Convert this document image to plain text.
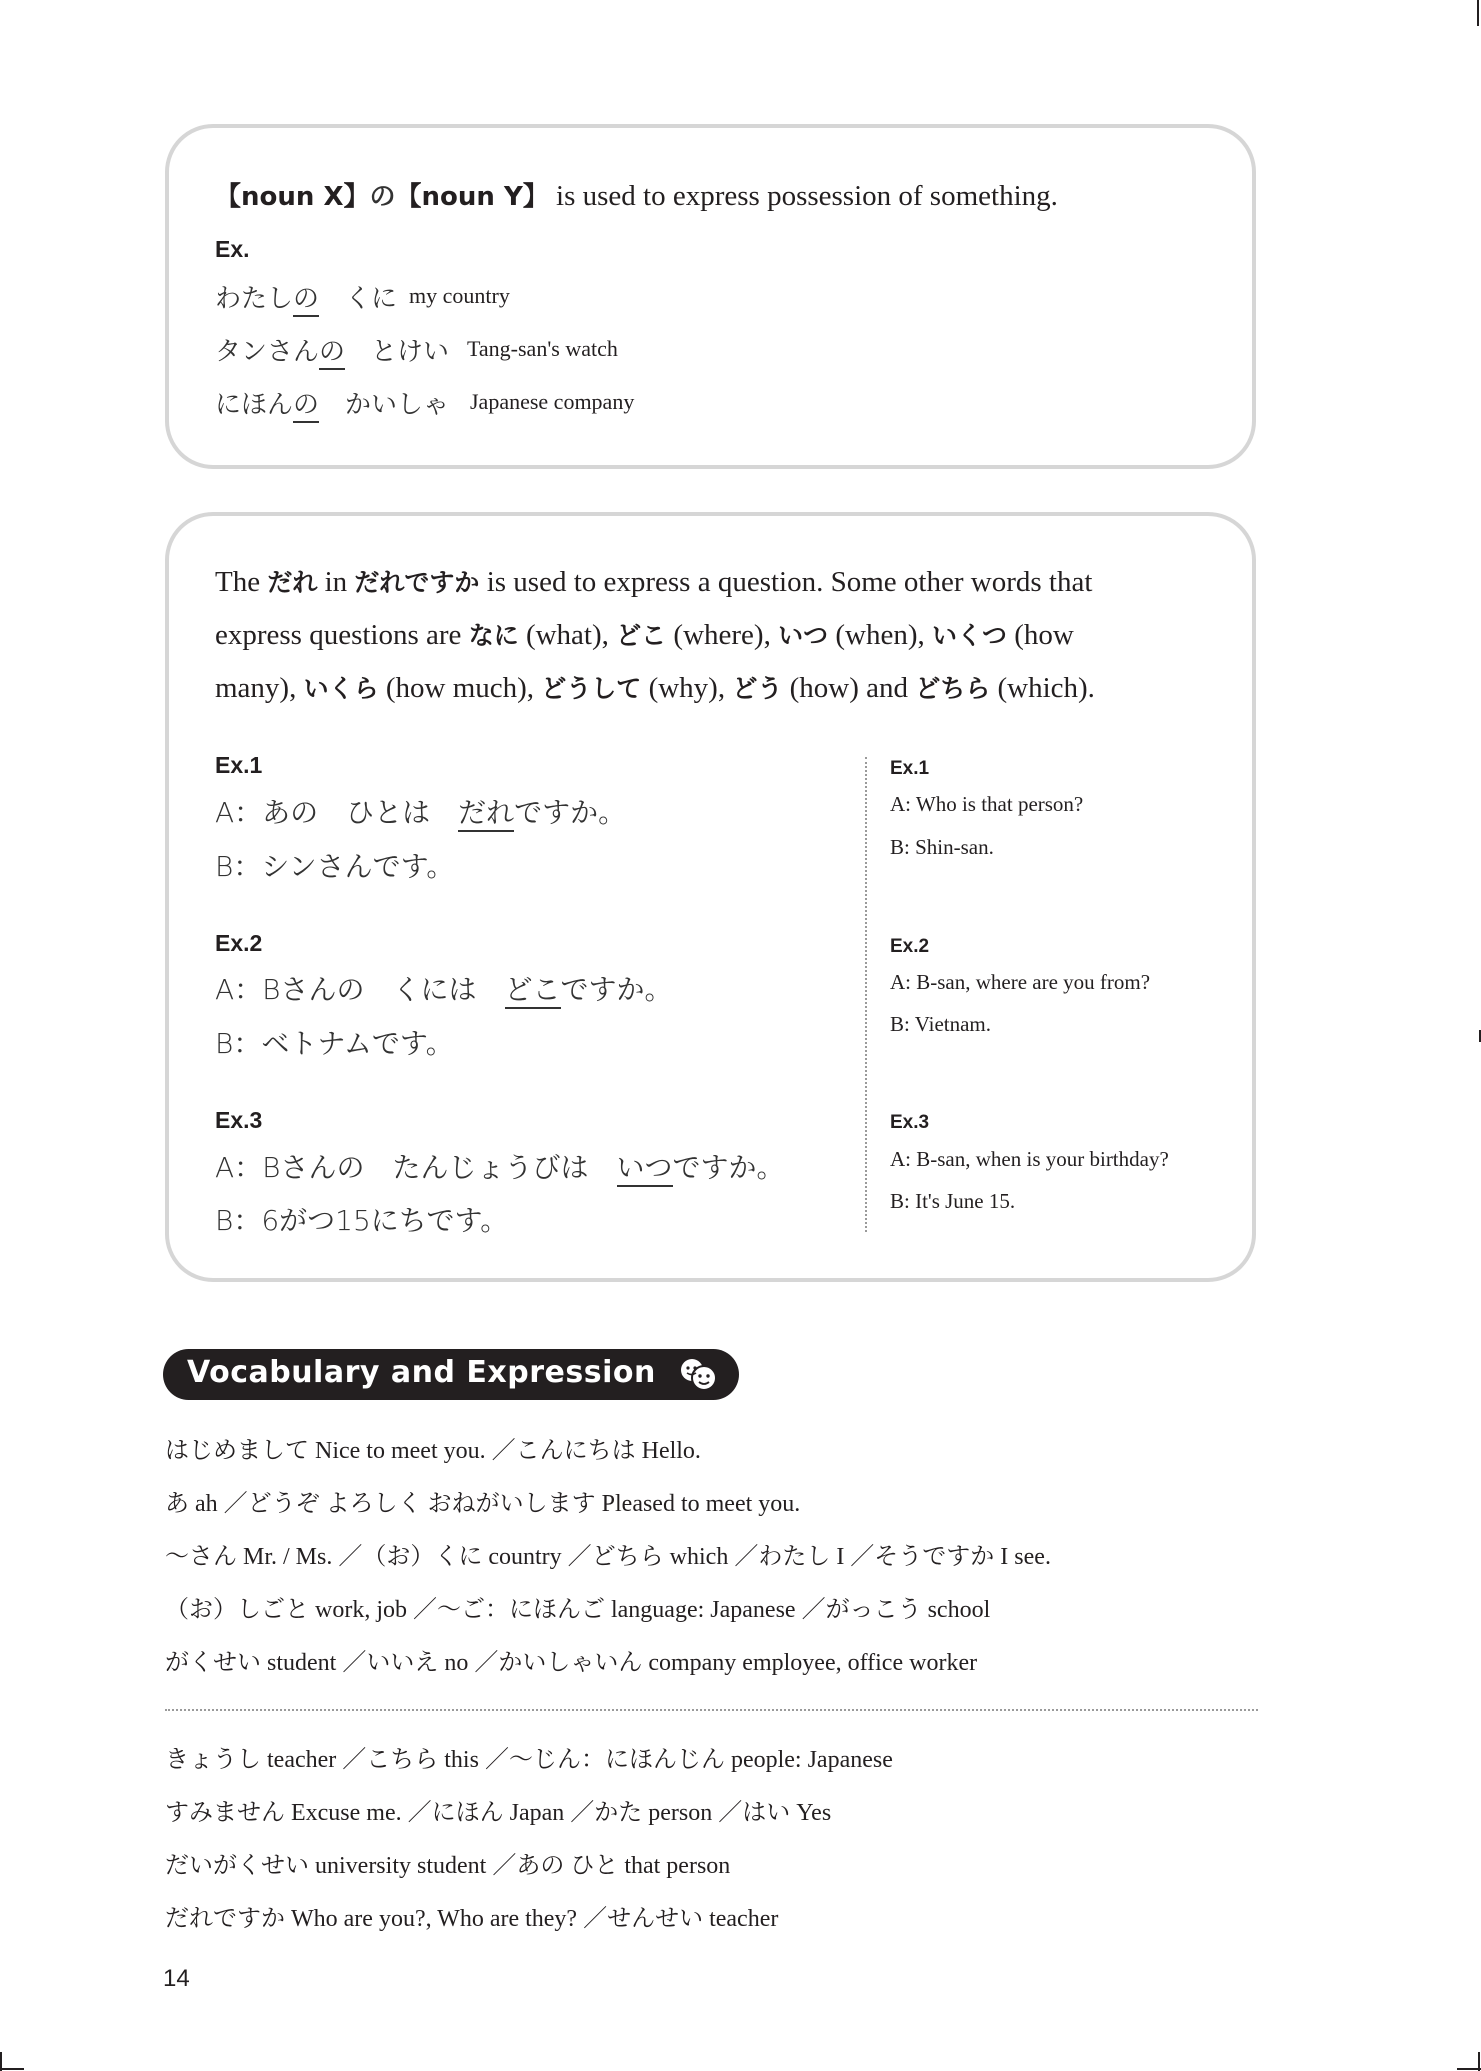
【noun X】の【noun Y】 is used to express possession of something.
Ex.
わたしの　くに my country
タンさんの　とけい Tang-san's watch
にほんの　かいしゃ Japanese company
The だれ in だれですか is used to express a question. Some other words that
express questions are なに (what), どこ (where), いつ (when), いくつ (how
many), いくら (how much), どうして (why), どう (how) and どちら (which).
Ex.1
A：あの　ひとは　だれですか。
B：シンさんです。
Ex.1
A: Who is that person?
B: Shin-san.
Ex.2
A：Bさんの　くには　どこですか。
B：ベトナムです。
Ex.2
A: B-san, where are you from?
B: Vietnam.
Ex.3
A：Bさんの　たんじょうびは　いつですか。
B：6がつ15にちです。
Ex.3
A: B-san, when is your birthday?
B: It's June 15.
Vocabulary and Expression
はじめまして Nice to meet you. ／こんにちは Hello.
あ ah ／どうぞ よろしく おねがいします Pleased to meet you.
～さん Mr. / Ms. ／（お）くに country ／どちら which ／わたし I ／そうですか I see.
（お）しごと work, job ／～ご：にほんご language: Japanese ／がっこう school
がくせい student ／いいえ no ／かいしゃいん company employee, office worker
きょうし teacher ／こちら this ／～じん：にほんじん people: Japanese
すみません Excuse me. ／にほん Japan ／かた person ／はい Yes
だいがくせい university student ／あの ひと that person
だれですか Who are you?, Who are they? ／せんせい teacher
14
